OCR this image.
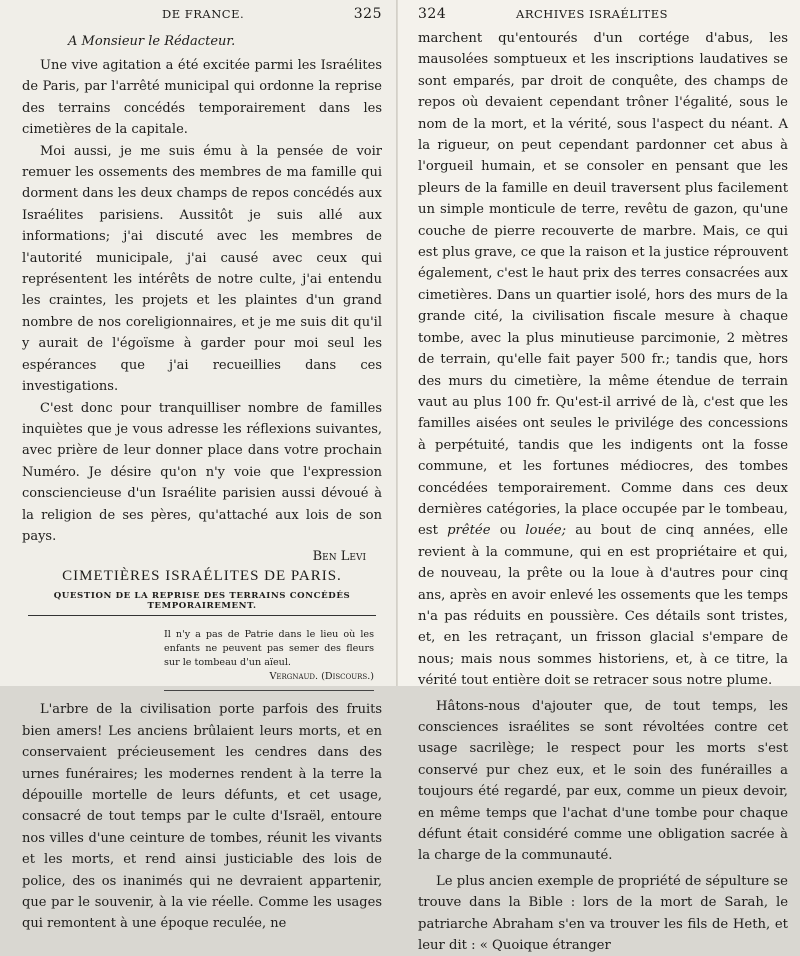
DE FRANCE.	325
A Monsieur le Rédacteur.

Une vive agitation a été excitée parmi les Israélites de Paris, par l'arrêté municipal qui ordonne la reprise des terrains concédés temporairement dans les cimetières de la capitale.

Moi aussi, je me suis ému à la pensée de voir remuer les ossements des membres de ma famille qui dorment dans les deux champs de repos concédés aux Israélites parisiens. Aussitôt je suis allé aux informations; j'ai discuté avec les membres de l'autorité municipale, j'ai causé avec ceux qui représentent les intérêts de notre culte, j'ai entendu les craintes, les projets et les plaintes d'un grand nombre de nos coreligionnaires, et je me suis dit qu'il y aurait de l'égoïsme à garder pour moi seul les espérances que j'ai recueillies dans ces investigations.

C'est donc pour tranquilliser nombre de familles inquiètes que je vous adresse les réflexions suivantes, avec prière de leur donner place dans votre prochain Numéro. Je désire qu'on n'y voie que l'expression consciencieuse d'un Israélite parisien aussi dévoué à la religion de ses pères, qu'attaché aux lois de son pays.

Ben Levi
CIMETIÈRES ISRAÉLITES DE PARIS.
QUESTION DE LA REPRISE DES TERRAINS CONCÉDÉS TEMPORAIREMENT.
Il n'y a pas de Patrie dans le lieu où les enfants ne peuvent pas semer des fleurs sur le tombeau d'un aïeul.
Vergnaud. (Discours.)

L'arbre de la civilisation porte parfois des fruits bien amers! Les anciens brûlaient leurs morts, et en conservaient précieusement les cendres dans des urnes funéraires; les modernes rendent à la terre la dépouille mortelle de leurs défunts, et cet usage, consacré de tout temps par le culte d'Israël, entoure nos villes d'une ceinture de tombes, réunit les vivants et les morts, et rend ainsi justiciable des lois de police, des os inanimés qui ne devraient appartenir, que par le souvenir, à la vie réelle. Comme les usages qui remontent à une époque reculée, ne

324	ARCHIVES ISRAÉLITES

marchent qu'entourés d'un cortége d'abus, les mausolées somptueux et les inscriptions laudatives se sont emparés, par droit de conquête, des champs de repos où devaient cependant trôner l'égalité, sous le nom de la mort, et la vérité, sous l'aspect du néant. A la rigueur, on peut cependant pardonner cet abus à l'orgueil humain, et se consoler en pensant que les pleurs de la famille en deuil traversent plus facilement un simple monticule de terre, revêtu de gazon, qu'une couche de pierre recouverte de marbre. Mais, ce qui est plus grave, ce que la raison et la justice réprouvent également, c'est le haut prix des terres consacrées aux cimetières. Dans un quartier isolé, hors des murs de la grande cité, la civilisation fiscale mesure à chaque tombe, avec la plus minutieuse parcimonie, 2 mètres de terrain, qu'elle fait payer 500 fr.; tandis que, hors des murs du cimetière, la même étendue de terrain vaut au plus 100 fr. Qu'est-il arrivé de là, c'est que les familles aisées ont seules le privilége des concessions à perpétuité, tandis que les indigents ont la fosse commune, et les fortunes médiocres, des tombes concédées temporairement. Comme dans ces deux dernières catégories, la place occupée par le tombeau, est prêtée ou louée; au bout de cinq années, elle revient à la commune, qui en est propriétaire et qui, de nouveau, la prête ou la loue à d'autres pour cinq ans, après en avoir enlevé les ossements que les temps n'a pas réduits en poussière. Ces détails sont tristes, et, en les retraçant, un frisson glacial s'empare de nous; mais nous sommes historiens, et, à ce titre, la vérité tout entière doit se retracer sous notre plume.

Hâtons-nous d'ajouter que, de tout temps, les consciences israélites se sont révoltées contre cet usage sacrilège; le respect pour les morts s'est conservé pur chez eux, et le soin des funérailles a toujours été regardé, par eux, comme un pieux devoir, en même temps que l'achat d'une tombe pour chaque défunt était considéré comme une obligation sacrée à la charge de la communauté.

Le plus ancien exemple de propriété de sépulture se trouve dans la Bible : lors de la mort de Sarah, le patriarche Abraham s'en va trouver les fils de Heth, et leur dit : « Quoique étranger
